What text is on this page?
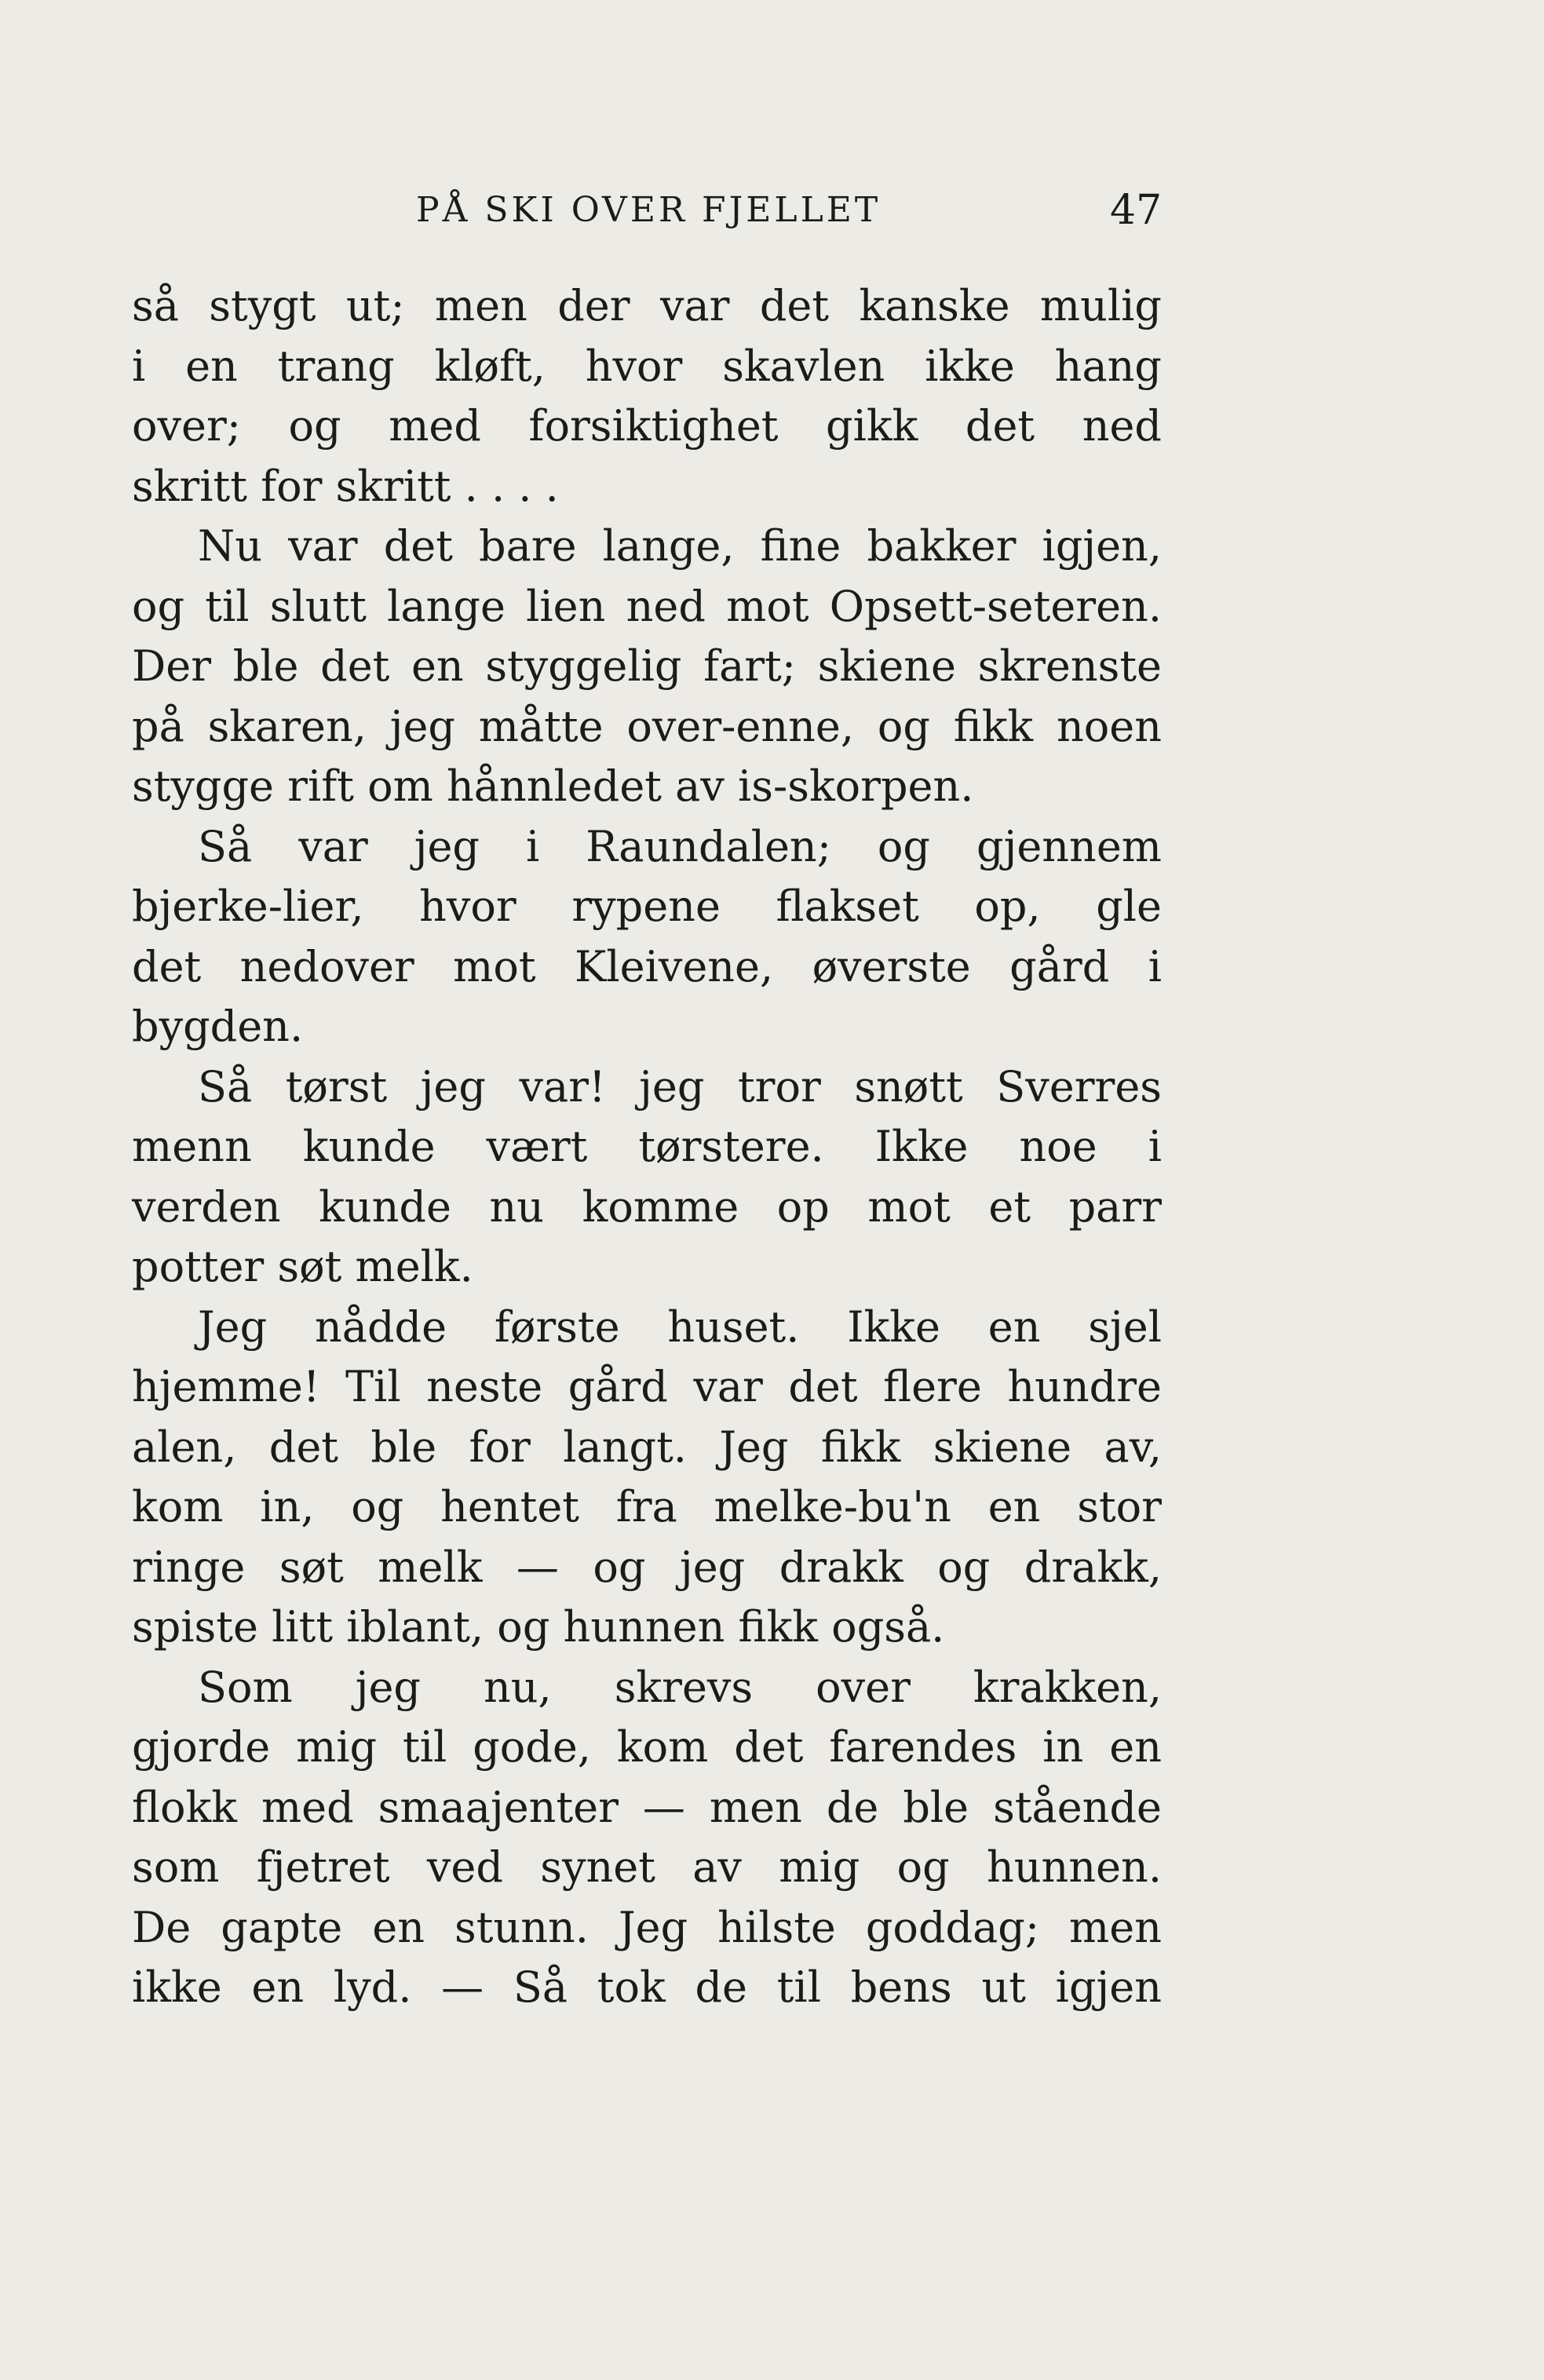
PÅ SKI OVER FJELLET	47
så stygt ut; men der var det kanske mulig
i en trang kløft, hvor skavlen ikke hang
over; og med forsiktighet gikk det ned
skritt for skritt . . . .
Nu var det bare lange, fine bakker igjen,
og til slutt lange lien ned mot Opsett-seteren.
Der ble det en styggelig fart; skiene skrenste
på skaren, jeg måtte over-enne, og fikk noen
stygge rift om hånnledet av is-skorpen.
Så var jeg i Raundalen; og gjennem
bjerke-lier, hvor rypene flakset op, gle
det nedover mot Kleivene, øverste gård i
bygden.
Så tørst jeg var! jeg tror snøtt Sverres
menn kunde vært tørstere. Ikke noe i
verden kunde nu komme op mot et parr
potter søt melk.
Jeg nådde første huset. Ikke en sjel
hjemme! Til neste gård var det flere hundre
alen, det ble for langt. Jeg fikk skiene av,
kom in, og hentet fra melke-bu'n en stor
ringe søt melk — og jeg drakk og drakk,
spiste litt iblant, og hunnen fikk også.
Som jeg nu, skrevs over krakken,
gjorde mig til gode, kom det farendes in en
flokk med smaajenter — men de ble stående
som fjetret ved synet av mig og hunnen.
De gapte en stunn. Jeg hilste goddag; men
ikke en lyd. — Så tok de til bens ut igjen
